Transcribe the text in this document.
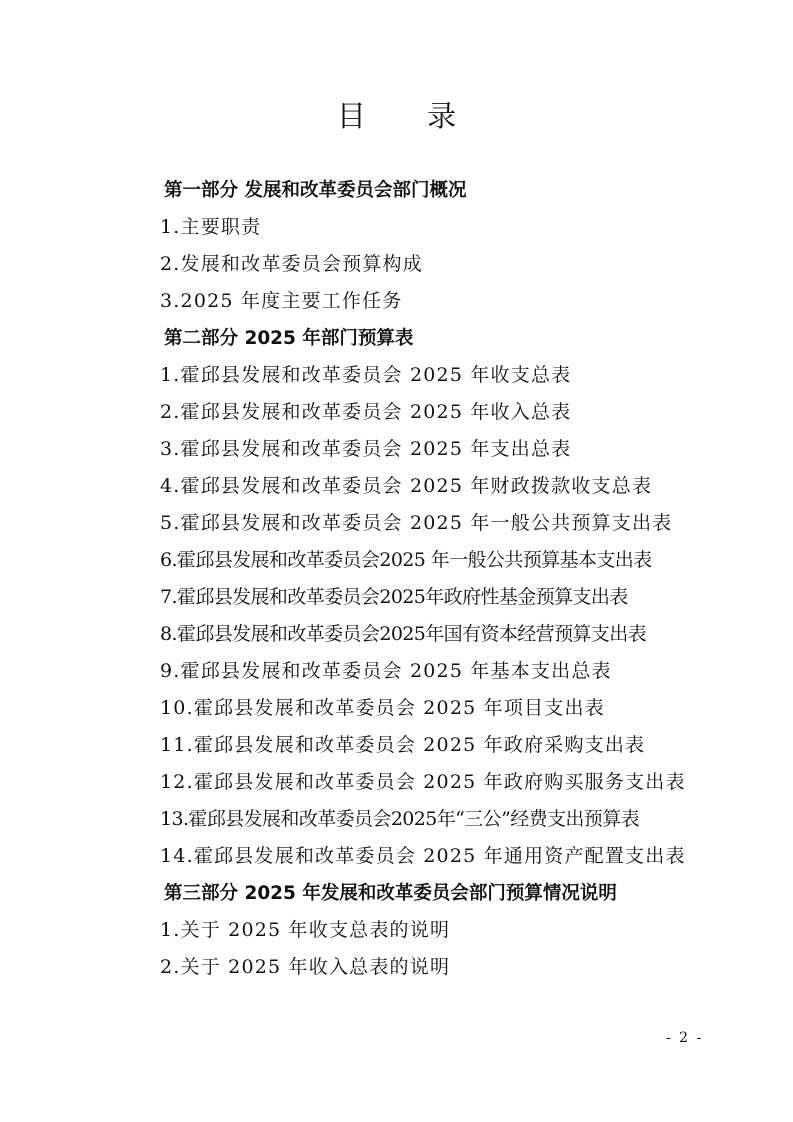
目 录
第一部分 发展和改革委员会部门概况
1.主要职责
2.发展和改革委员会预算构成
3.2025 年度主要工作任务
第二部分 2025 年部门预算表
1.霍邱县发展和改革委员会 2025 年收支总表
2.霍邱县发展和改革委员会 2025 年收入总表
3.霍邱县发展和改革委员会 2025 年支出总表
4.霍邱县发展和改革委员会 2025 年财政拨款收支总表
5.霍邱县发展和改革委员会 2025 年一般公共预算支出表
6.霍邱县发展和改革委员会2025 年一般公共预算基本支出表
7.霍邱县发展和改革委员会2025年政府性基金预算支出表
8.霍邱县发展和改革委员会2025年国有资本经营预算支出表
9.霍邱县发展和改革委员会 2025 年基本支出总表
10.霍邱县发展和改革委员会 2025 年项目支出表
11.霍邱县发展和改革委员会 2025 年政府采购支出表
12.霍邱县发展和改革委员会 2025 年政府购买服务支出表
13.霍邱县发展和改革委员会2025年“三公”经费支出预算表
14.霍邱县发展和改革委员会 2025 年通用资产配置支出表
第三部分 2025 年发展和改革委员会部门预算情况说明
1.关于 2025 年收支总表的说明
2.关于 2025 年收入总表的说明
- 2 -
